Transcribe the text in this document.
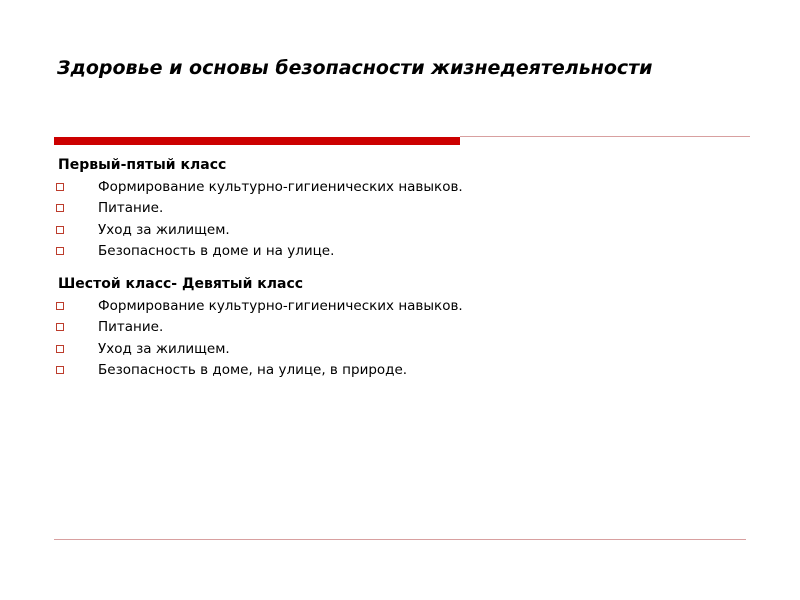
Здоровье и основы безопасности жизнедеятельности
Первый-пятый класс
Формирование культурно-гигиенических навыков.
Питание.
Уход за жилищем.
Безопасность в доме и на улице.
Шестой класс- Девятый класс
Формирование культурно-гигиенических навыков.
Питание.
Уход за жилищем.
Безопасность в доме, на улице, в природе.
